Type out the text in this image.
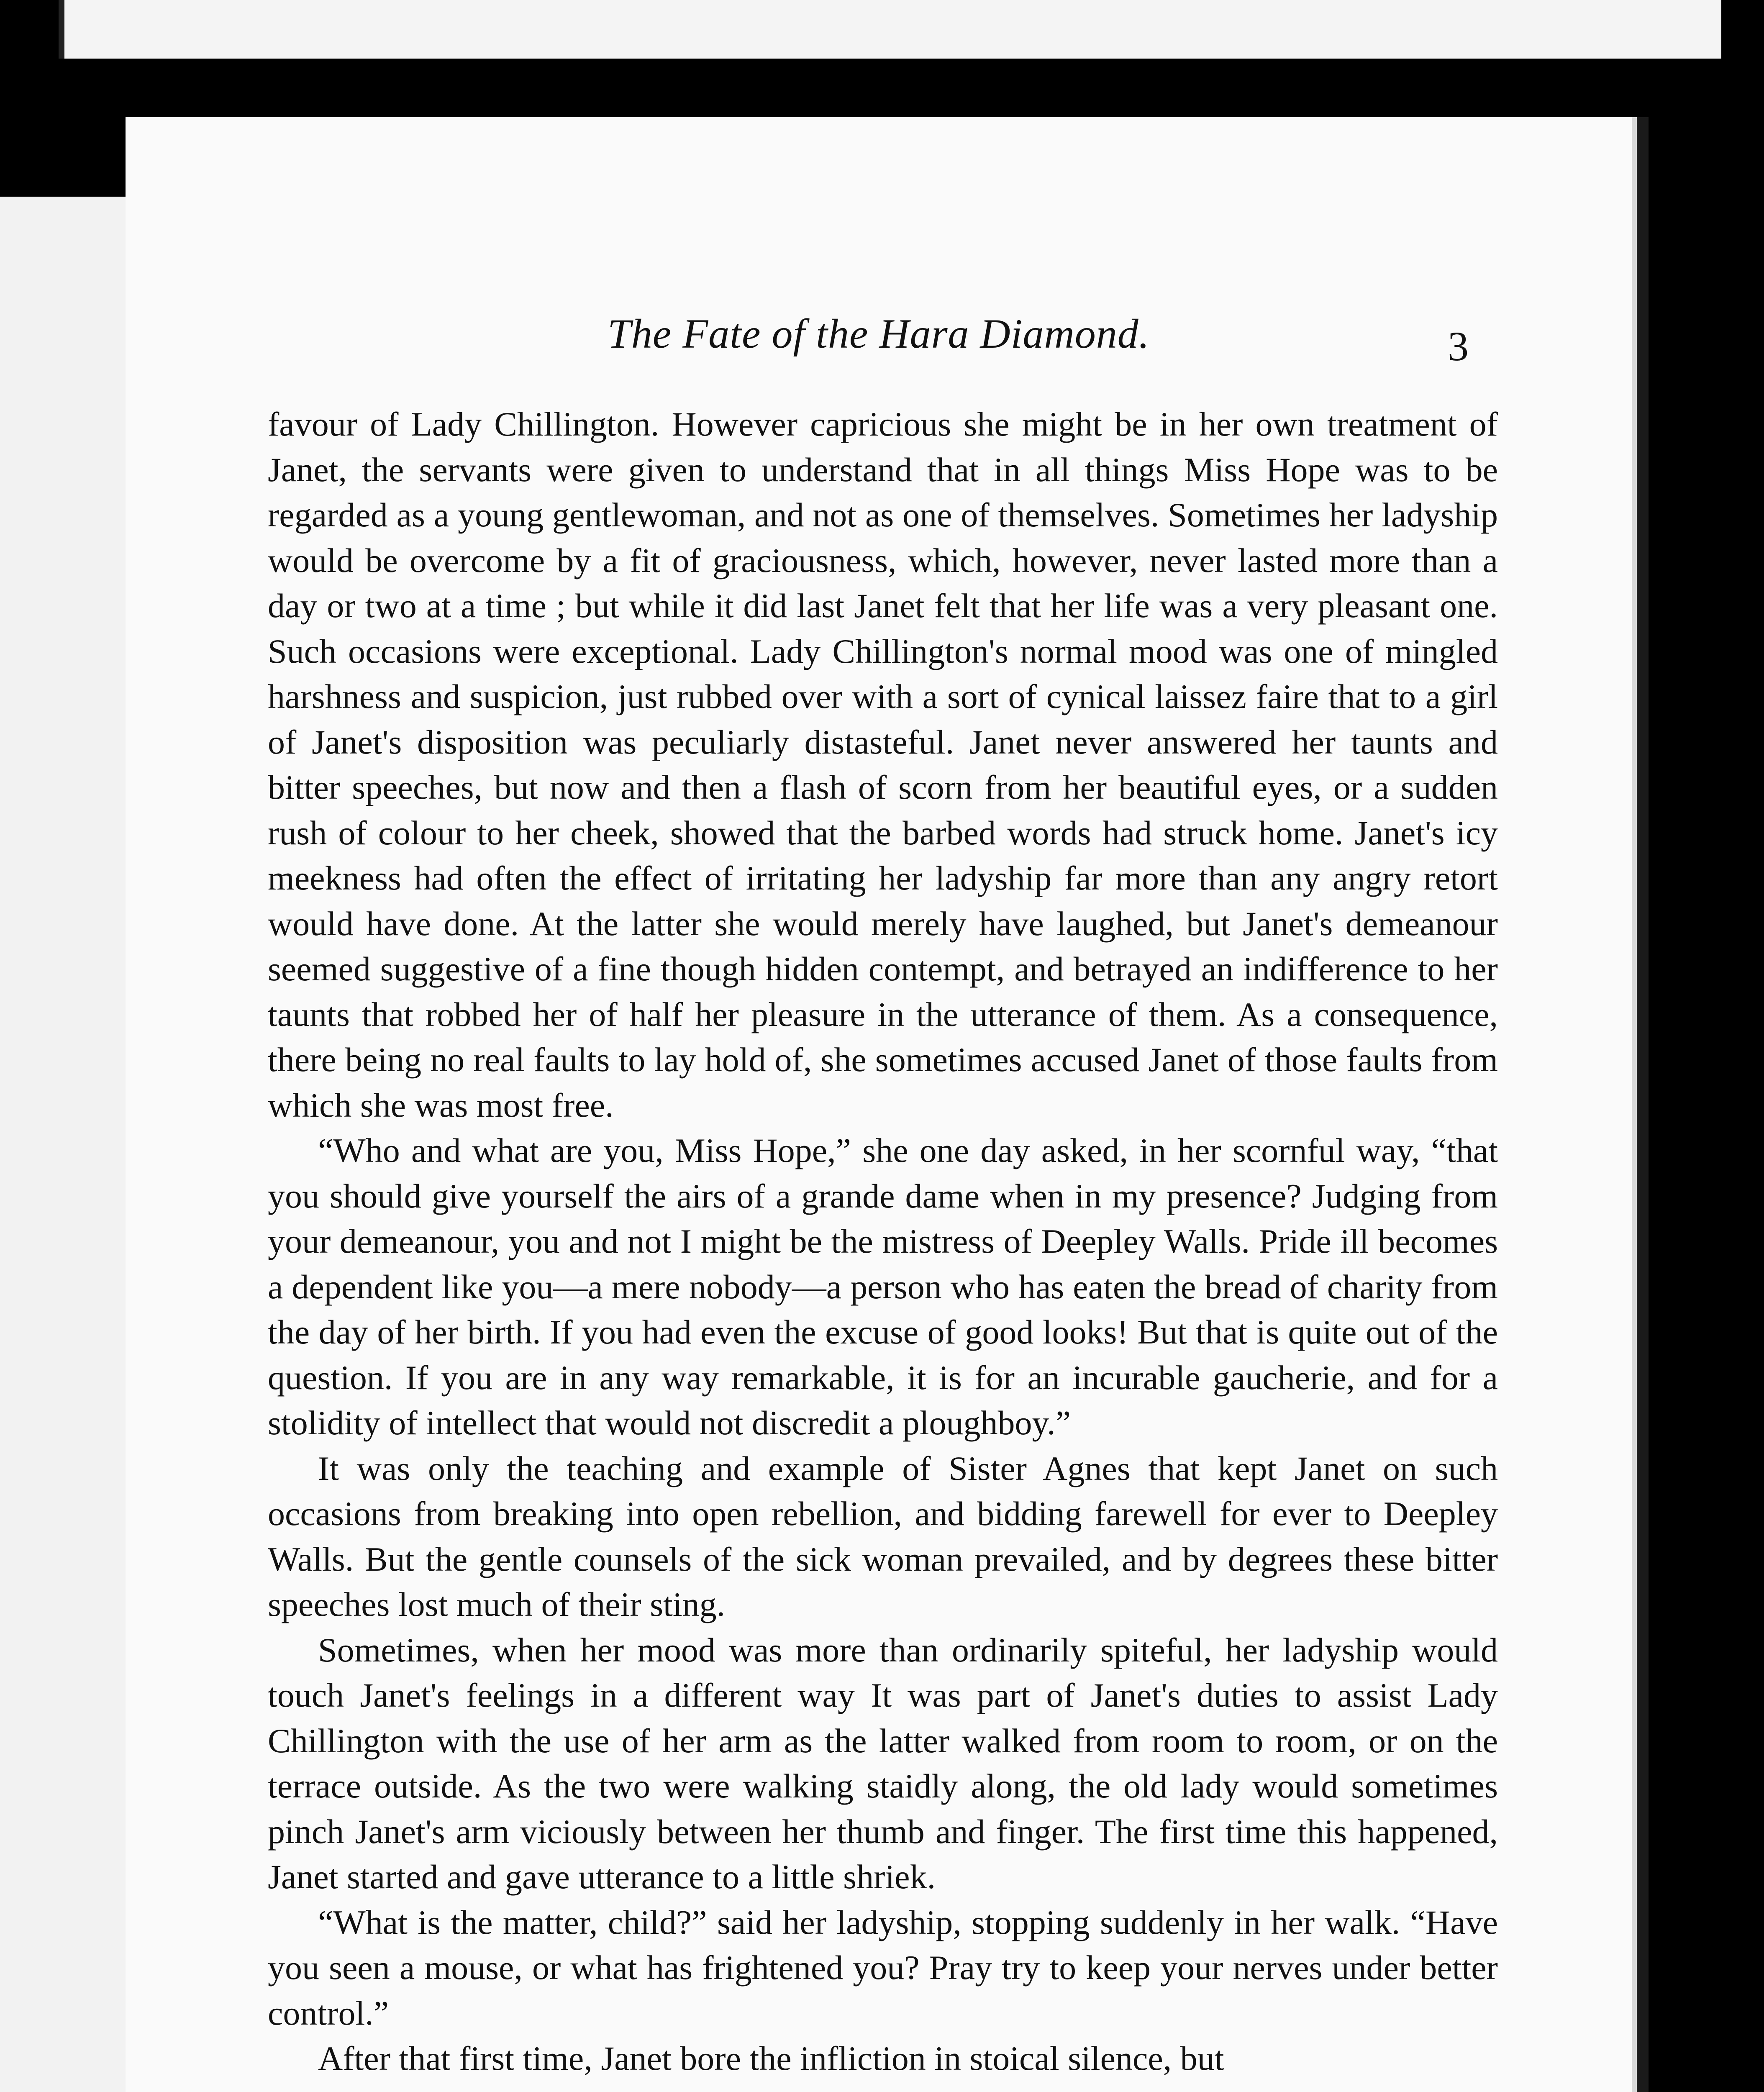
The Fate of the Hara Diamond.	3

favour of Lady Chillington. However capricious she might be in her own treatment of Janet, the servants were given to understand that in all things Miss Hope was to be regarded as a young gentlewoman, and not as one of themselves. Sometimes her ladyship would be overcome by a fit of graciousness, which, however, never lasted more than a day or two at a time ; but while it did last Janet felt that her life was a very pleasant one. Such occasions were exceptional. Lady Chillington's normal mood was one of mingled harshness and suspicion, just rubbed over with a sort of cynical laissez faire that to a girl of Janet's disposition was peculiarly distasteful. Janet never answered her taunts and bitter speeches, but now and then a flash of scorn from her beautiful eyes, or a sudden rush of colour to her cheek, showed that the barbed words had struck home. Janet's icy meekness had often the effect of irritating her ladyship far more than any angry retort would have done. At the latter she would merely have laughed, but Janet's demeanour seemed suggestive of a fine though hidden contempt, and betrayed an indifference to her taunts that robbed her of half her pleasure in the utterance of them. As a consequence, there being no real faults to lay hold of, she sometimes accused Janet of those faults from which she was most free.

“Who and what are you, Miss Hope,” she one day asked, in her scornful way, “that you should give yourself the airs of a grande dame when in my presence? Judging from your demeanour, you and not I might be the mistress of Deepley Walls. Pride ill becomes a dependent like you—a mere nobody—a person who has eaten the bread of charity from the day of her birth. If you had even the excuse of good looks! But that is quite out of the question. If you are in any way remarkable, it is for an incurable gaucherie, and for a stolidity of intellect that would not discredit a ploughboy.”

It was only the teaching and example of Sister Agnes that kept Janet on such occasions from breaking into open rebellion, and bidding farewell for ever to Deepley Walls. But the gentle counsels of the sick woman prevailed, and by degrees these bitter speeches lost much of their sting.

Sometimes, when her mood was more than ordinarily spiteful, her ladyship would touch Janet's feelings in a different way It was part of Janet's duties to assist Lady Chillington with the use of her arm as the latter walked from room to room, or on the terrace outside. As the two were walking staidly along, the old lady would sometimes pinch Janet's arm viciously between her thumb and finger. The first time this happened, Janet started and gave utterance to a little shriek.

“What is the matter, child?” said her ladyship, stopping suddenly in her walk. “Have you seen a mouse, or what has frightened you? Pray try to keep your nerves under better control.”

After that first time, Janet bore the infliction in stoical silence, but
